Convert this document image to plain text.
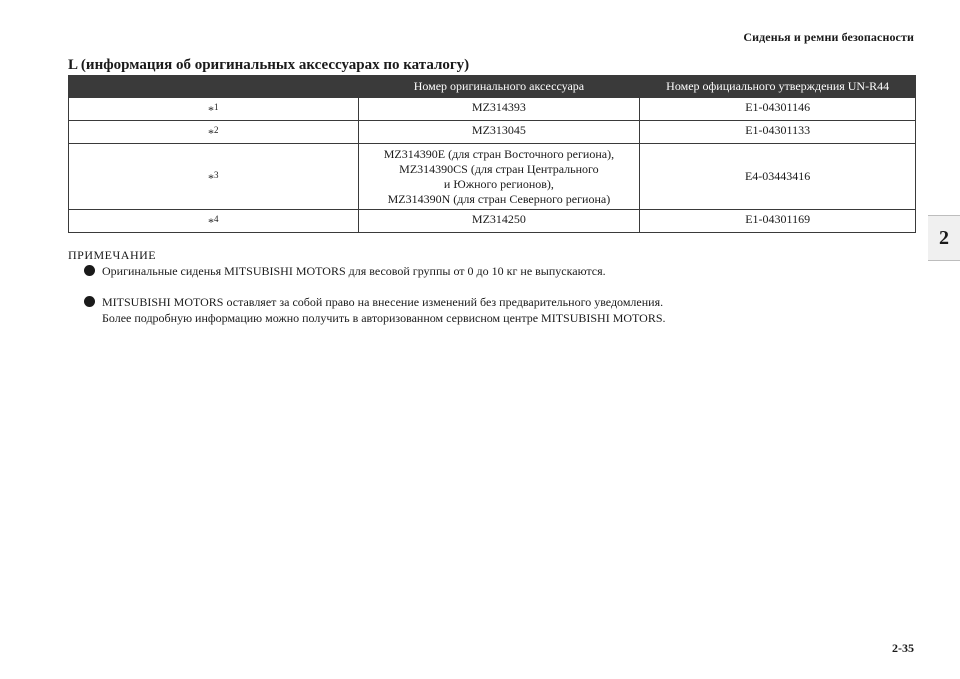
Сиденья и ремни безопасности
L (информация об оригинальных аксессуарах по каталогу)
	Номер оригинального аксессуара	Номер официального утверждения UN-R44
*$^1$	MZ314393	E1-04301146
*$^2$	MZ313045	E1-04301133
*$^3$	MZ314390E (для стран Восточного региона),
MZ314390CS (для стран Центрального
и Южного регионов),
MZ314390N (для стран Северного региона)	E4-03443416
*$^4$	MZ314250	E1-04301169
2
ПРИМЕЧАНИЕ
Оригинальные сиденья MITSUBISHI MOTORS для весовой группы от 0 до 10 кг не выпускаются.
MITSUBISHI MOTORS оставляет за собой право на внесение изменений без предварительного уведомления.
Более подробную информацию можно получить в авторизованном сервисном центре MITSUBISHI MOTORS.
2-35
